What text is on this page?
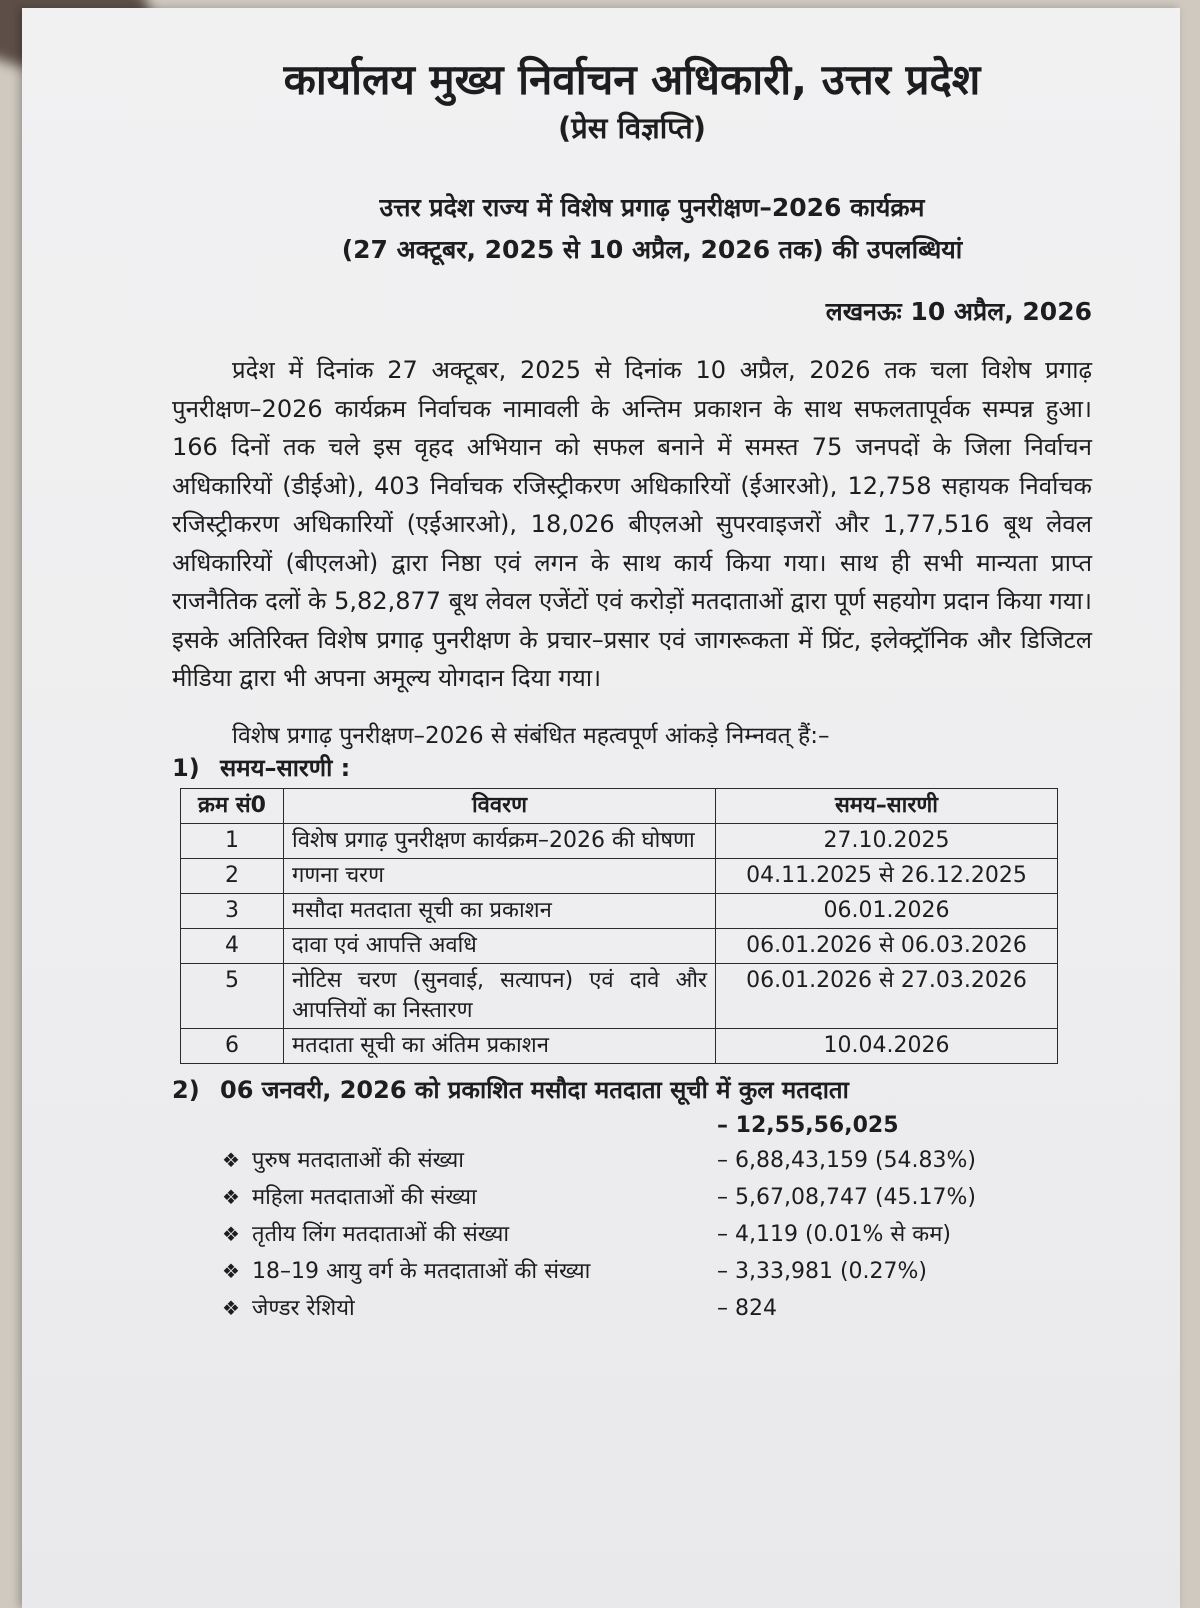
कार्यालय मुख्य निर्वाचन अधिकारी, उत्तर प्रदेश
(प्रेस विज्ञप्ति)
उत्तर प्रदेश राज्य में विशेष प्रगाढ़ पुनरीक्षण–2026 कार्यक्रम
(27 अक्टूबर, 2025 से 10 अप्रैल, 2026 तक) की उपलब्धियां
लखनऊः 10 अप्रैल, 2026

प्रदेश में दिनांक 27 अक्टूबर, 2025 से दिनांक 10 अप्रैल, 2026 तक चला विशेष प्रगाढ़ पुनरीक्षण–2026 कार्यक्रम निर्वाचक नामावली के अन्तिम प्रकाशन के साथ सफलतापूर्वक सम्पन्न हुआ। 166 दिनों तक चले इस वृहद अभियान को सफल बनाने में समस्त 75 जनपदों के जिला निर्वाचन अधिकारियों (डीईओ), 403 निर्वाचक रजिस्ट्रीकरण अधिकारियों (ईआरओ), 12,758 सहायक निर्वाचक रजिस्ट्रीकरण अधिकारियों (एईआरओ), 18,026 बीएलओ सुपरवाइजरों और 1,77,516 बूथ लेवल अधिकारियों (बीएलओ) द्वारा निष्ठा एवं लगन के साथ कार्य किया गया। साथ ही सभी मान्यता प्राप्त राजनैतिक दलों के 5,82,877 बूथ लेवल एजेंटों एवं करोड़ों मतदाताओं द्वारा पूर्ण सहयोग प्रदान किया गया। इसके अतिरिक्त विशेष प्रगाढ़ पुनरीक्षण के प्रचार–प्रसार एवं जागरूकता में प्रिंट, इलेक्ट्रॉनिक और डिजिटल मीडिया द्वारा भी अपना अमूल्य योगदान दिया गया।

विशेष प्रगाढ़ पुनरीक्षण–2026 से संबंधित महत्वपूर्ण आंकड़े निम्नवत् हैं:–

1) समय–सारणी :
क्रम सं0	विवरण	समय–सारणी
1	विशेष प्रगाढ़ पुनरीक्षण कार्यक्रम–2026 की घोषणा	27.10.2025
2	गणना चरण	04.11.2025 से 26.12.2025
3	मसौदा मतदाता सूची का प्रकाशन	06.01.2026
4	दावा एवं आपत्ति अवधि	06.01.2026 से 06.03.2026
5	नोटिस चरण (सुनवाई, सत्यापन) एवं दावे और आपत्तियों का निस्तारण	06.01.2026 से 27.03.2026
6	मतदाता सूची का अंतिम प्रकाशन	10.04.2026
2) 06 जनवरी, 2026 को प्रकाशित मसौदा मतदाता सूची में कुल मतदाता
– 12,55,56,025
❖ पुरुष मतदाताओं की संख्या	– 6,88,43,159 (54.83%)
❖ महिला मतदाताओं की संख्या	– 5,67,08,747 (45.17%)
❖ तृतीय लिंग मतदाताओं की संख्या	– 4,119 (0.01% से कम)
❖ 18–19 आयु वर्ग के मतदाताओं की संख्या	– 3,33,981 (0.27%)
❖ जेण्डर रेशियो	– 824
